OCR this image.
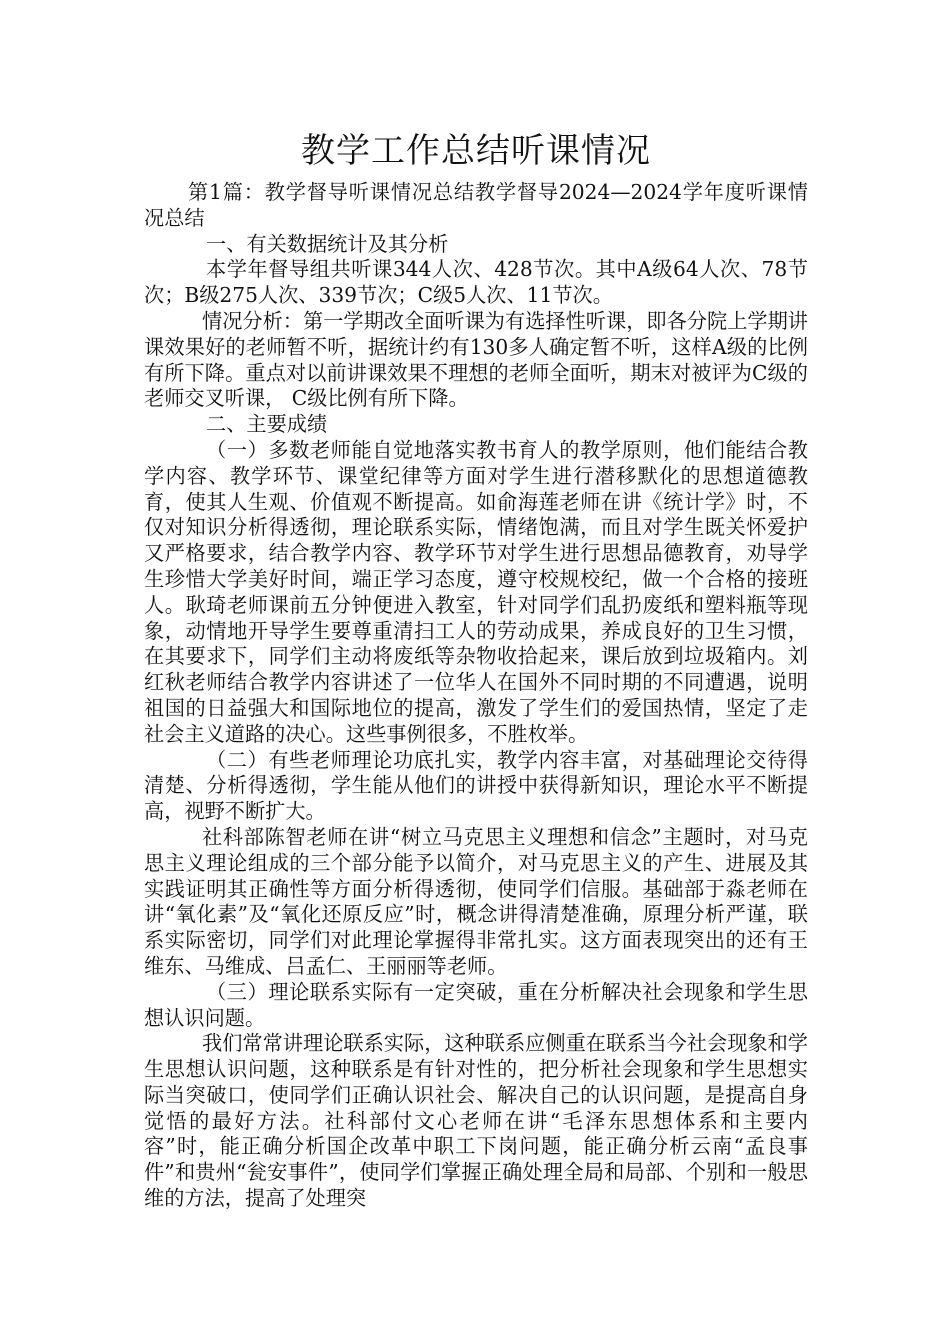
教学工作总结听课情况

第1篇：教学督导听课情况总结教学督导2024—2024学年度听课情况总结

一、有关数据统计及其分析

本学年督导组共听课344人次、428节次。其中A级64人次、78节次；B级275人次、339节次；C级5人次、11节次。

情况分析：第一学期改全面听课为有选择性听课，即各分院上学期讲课效果好的老师暂不听，据统计约有130多人确定暂不听，这样A级的比例有所下降。重点对以前讲课效果不理想的老师全面听，期末对被评为C级的老师交叉听课， C级比例有所下降。

二、主要成绩

（一）多数老师能自觉地落实教书育人的教学原则，他们能结合教学内容、教学环节、课堂纪律等方面对学生进行潜移默化的思想道德教育，使其人生观、价值观不断提高。如俞海莲老师在讲《统计学》时，不仅对知识分析得透彻，理论联系实际，情绪饱满，而且对学生既关怀爱护又严格要求，结合教学内容、教学环节对学生进行思想品德教育，劝导学生珍惜大学美好时间，端正学习态度，遵守校规校纪，做一个合格的接班人。耿琦老师课前五分钟便进入教室，针对同学们乱扔废纸和塑料瓶等现象，动情地开导学生要尊重清扫工人的劳动成果，养成良好的卫生习惯，在其要求下，同学们主动将废纸等杂物收拾起来，课后放到垃圾箱内。刘红秋老师结合教学内容讲述了一位华人在国外不同时期的不同遭遇，说明祖国的日益强大和国际地位的提高，激发了学生们的爱国热情，坚定了走社会主义道路的决心。这些事例很多，不胜枚举。

（二）有些老师理论功底扎实，教学内容丰富，对基础理论交待得清楚、分析得透彻，学生能从他们的讲授中获得新知识，理论水平不断提高，视野不断扩大。

社科部陈智老师在讲“树立马克思主义理想和信念”主题时，对马克思主义理论组成的三个部分能予以简介，对马克思主义的产生、进展及其实践证明其正确性等方面分析得透彻，使同学们信服。基础部于淼老师在讲“氧化素”及“氧化还原反应”时，概念讲得清楚准确，原理分析严谨，联系实际密切，同学们对此理论掌握得非常扎实。这方面表现突出的还有王维东、马维成、吕孟仁、王丽丽等老师。

（三）理论联系实际有一定突破，重在分析解决社会现象和学生思想认识问题。

我们常常讲理论联系实际，这种联系应侧重在联系当今社会现象和学生思想认识问题，这种联系是有针对性的，把分析社会现象和学生思想实际当突破口，使同学们正确认识社会、解决自己的认识问题，是提高自身觉悟的最好方法。社科部付文心老师在讲“毛泽东思想体系和主要内容”时，能正确分析国企改革中职工下岗问题，能正确分析云南“孟良事件”和贵州“瓮安事件”，使同学们掌握正确处理全局和局部、个别和一般思维的方法，提高了处理突
